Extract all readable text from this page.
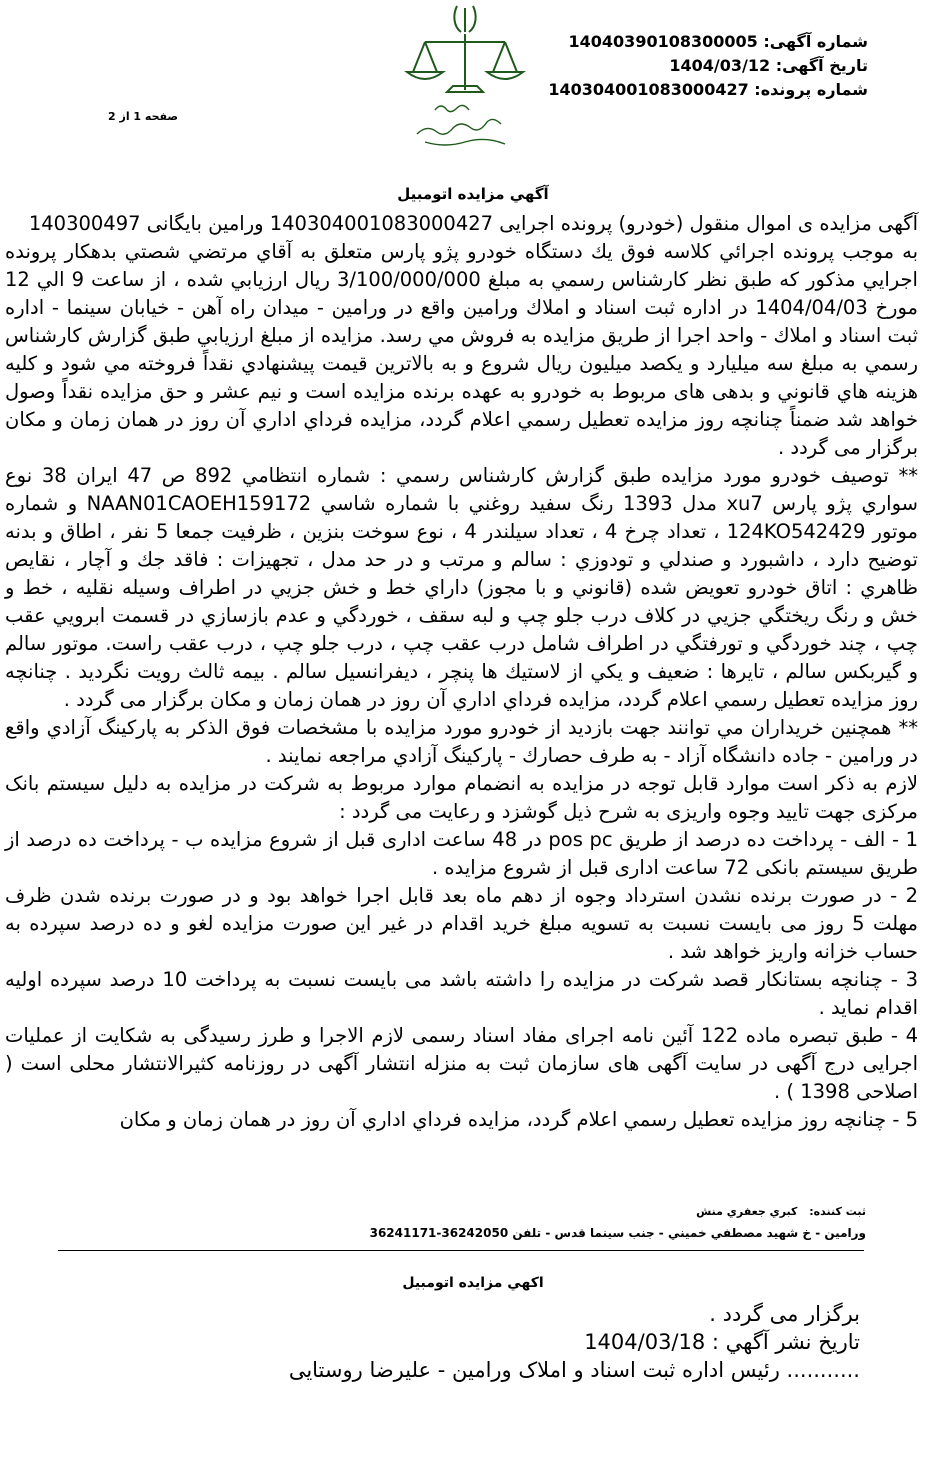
شماره آگهی: 14040390108300005
تاریخ آگهی: 1404/03/12
شماره پرونده: 140304001083000427
صفحه 1 از 2
آگهي مزايده اتومبيل

آگهی مزایده ی اموال منقول (خودرو) پرونده اجرایی 140304001083000427 ورامین بایگانی 140300497

به موجب پرونده اجرائي كلاسه فوق يك دستگاه خودرو پژو پارس متعلق به آقاي مرتضي شصتي بدهكار پرونده اجرايي مذكور كه طبق نظر كارشناس رسمي به مبلغ 3/100/000/000 ريال ارزيابي شده ، از ساعت 9 الي 12 مورخ 1404/04/03 در اداره ثبت اسناد و املاك ورامين واقع در ورامين - ميدان راه آهن - خيابان سينما - اداره ثبت اسناد و املاك - واحد اجرا از طريق مزايده به فروش مي رسد. مزايده از مبلغ ارزيابي طبق گزارش كارشناس رسمي به مبلغ سه ميليارد و يكصد ميليون ريال شروع و به بالاترين قيمت پيشنهادي نقداً فروخته مي شود و كليه هزينه هاي قانوني و بدهی های مربوط به خودرو به عهده برنده مزايده است و نيم عشر و حق مزايده نقداً وصول خواهد شد ضمناً چنانچه روز مزايده تعطيل رسمي اعلام گردد، مزايده فرداي اداري آن روز در همان زمان و مكان برگزار می گردد .

** توصيف خودرو مورد مزايده طبق گزارش كارشناس رسمي : شماره انتظامي 892 ص 47 ايران 38 نوع سواري پژو پارس xu7 مدل 1393 رنگ سفيد روغني با شماره شاسي NAAN01CAOEH159172 و شماره موتور 124KO542429 ، تعداد چرخ 4 ، تعداد سيلندر 4 ، نوع سوخت بنزين ، ظرفيت جمعا 5 نفر ، اطاق و بدنه توضيح دارد ، داشبورد و صندلي و تودوزي : سالم و مرتب و در حد مدل ، تجهيزات : فاقد جك و آچار ، نقايص ظاهري : اتاق خودرو تعويض شده (قانوني و با مجوز) داراي خط و خش جزيي در اطراف وسيله نقليه ، خط و خش و رنگ ريختگي جزيي در كلاف درب جلو چپ و لبه سقف ، خوردگي و عدم بازسازي در قسمت ابرويي عقب چپ ، چند خوردگي و تورفتگي در اطراف شامل درب عقب چپ ، درب جلو چپ ، درب عقب راست. موتور سالم و گيربكس سالم ، تايرها : ضعيف و يكي از لاستيك ها پنچر ، ديفرانسيل سالم . بيمه ثالث رويت نگرديد . چنانچه روز مزايده تعطيل رسمي اعلام گردد، مزايده فرداي اداري آن روز در همان زمان و مكان برگزار می گردد .

** همچنين خريداران مي توانند جهت بازديد از خودرو مورد مزايده با مشخصات فوق الذكر به پاركينگ آزادي واقع در ورامين - جاده دانشگاه آزاد - به طرف حصارك - پاركينگ آزادي مراجعه نمايند .

لازم به ذکر است موارد قابل توجه در مزایده به انضمام موارد مربوط به شرکت در مزایده به دلیل سیستم بانک مرکزی جهت تایید وجوه واریزی به شرح ذیل گوشزد و رعایت می گردد :

1 - الف - پرداخت ده درصد از طریق pos pc در 48 ساعت اداری قبل از شروع مزایده ب - پرداخت ده درصد از طریق سیستم بانکی 72 ساعت اداری قبل از شروع مزایده .

2 - در صورت برنده نشدن استرداد وجوه از دهم ماه بعد قابل اجرا خواهد بود و در صورت برنده شدن ظرف مهلت 5 روز می بایست نسبت به تسویه مبلغ خرید اقدام در غیر این صورت مزایده لغو و ده درصد سپرده به حساب خزانه واریز خواهد شد .

3 - چنانچه بستانکار قصد شرکت در مزایده را داشته باشد می بایست نسبت به پرداخت 10 درصد سپرده اولیه اقدام نماید .

4 - طبق تبصره ماده 122 آئین نامه اجرای مفاد اسناد رسمی لازم الاجرا و طرز رسیدگی به شکایت از عملیات اجرایی درج آگهی در سایت آگهی های سازمان ثبت به منزله انتشار آگهی در روزنامه کثیرالانتشار محلی است ( اصلاحی 1398 ) .

5 - چنانچه روز مزايده تعطيل رسمي اعلام گردد، مزايده فرداي اداري آن روز در همان زمان و مكان

ثبت كننده: كبري جعفري منش
ورامين - خ شهيد مصطفي خميني - جنب سينما قدس - تلفن 36242050-36241171
اكهي مزايده اتومبيل
برگزار می گردد .
تاریخ نشر آگهي : 1404/03/18
........... رئیس اداره ثبت اسناد و املاک ورامین - علیرضا روستایی
